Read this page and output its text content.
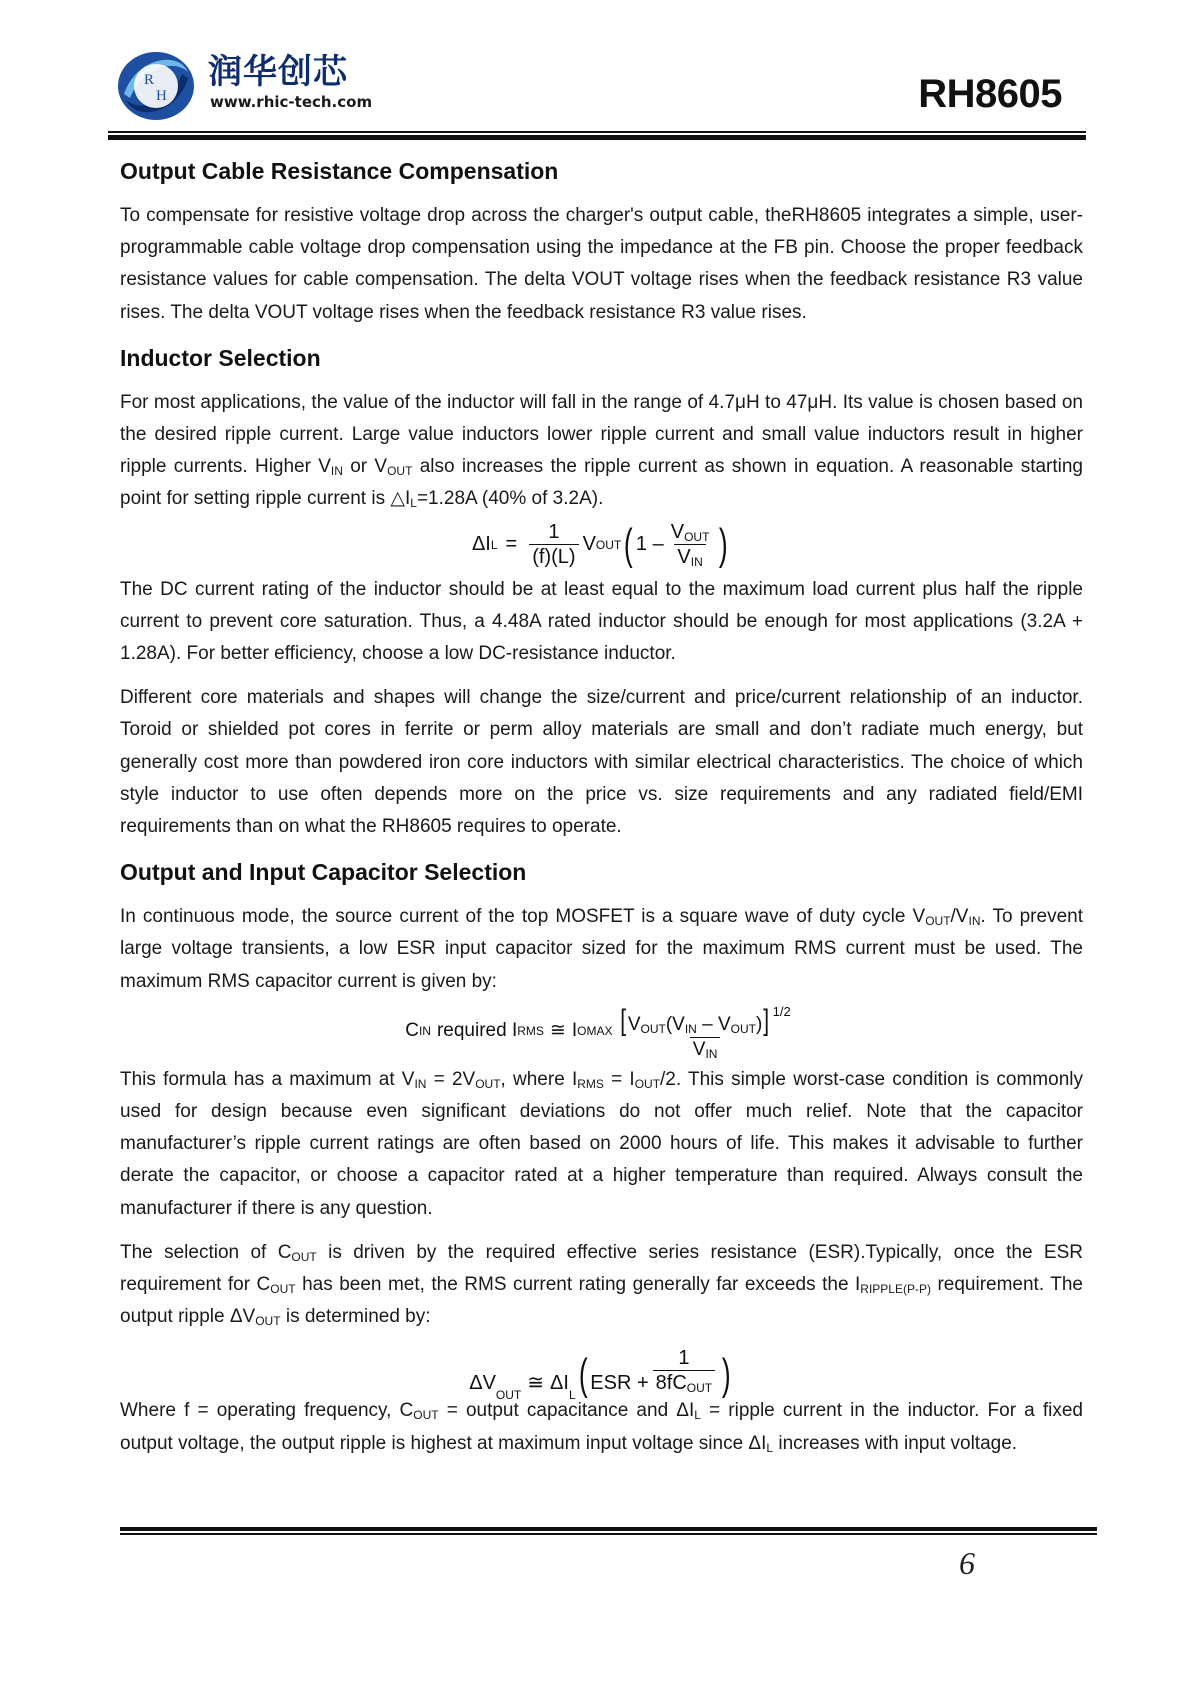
R
H
润华创芯
www.rhic-tech.com	RH8605
Output Cable Resistance Compensation

To compensate for resistive voltage drop across the charger's output cable, theRH8605 integrates a simple, user-programmable cable voltage drop compensation using the impedance at the FB pin. Choose the proper feedback resistance values for cable compensation. The delta VOUT voltage rises when the feedback resistance R3 value rises. The delta VOUT voltage rises when the feedback resistance R3 value rises.

Inductor Selection

For most applications, the value of the inductor will fall in the range of 4.7μH to 47μH. Its value is chosen based on the desired ripple current. Large value inductors lower ripple current and small value inductors result in higher ripple currents. Higher $V_{IN}$ or $V_{OUT}$ also increases the ripple current as shown in equation. A reasonable starting point for setting ripple current is $\triangle I_L=1.28A$ (40% of 3.2A).

ΔI $L = \frac{1}{(f)(L)}$ V OUT ( $1 - \frac{V_{OUT}}{V_{IN}}$ )

The DC current rating of the inductor should be at least equal to the maximum load current plus half the ripple current to prevent core saturation. Thus, a 4.48A rated inductor should be enough for most applications (3.2A + 1.28A). For better efficiency, choose a low DC-resistance inductor.

Different core materials and shapes will change the size/current and price/current relationship of an inductor. Toroid or shielded pot cores in ferrite or perm alloy materials are small and don’t radiate much energy, but generally cost more than powdered iron core inductors with similar electrical characteristics. The choice of which style inductor to use often depends more on the price vs. size requirements and any radiated field/EMI requirements than on what the RH8605 requires to operate.

Output and Input Capacitor Selection

In continuous mode, the source current of the top MOSFET is a square wave of duty cycle $V_{OUT}/V_{IN}$. To prevent large voltage transients, a low ESR input capacitor sized for the maximum RMS current must be used. The maximum RMS capacitor current is given by:

C IN required I RMS ≅ I OMAX $\frac{[V_{OUT}(V_{IN} - V_{OUT})] ^{1/2}}{V_{IN}}$

This formula has a maximum at $V_{IN} = 2V_{OUT}$, where $I_{RMS} = I_{OUT}/2$. This simple worst-case condition is commonly used for design because even significant deviations do not offer much relief. Note that the capacitor manufacturer’s ripple current ratings are often based on 2000 hours of life. This makes it advisable to further derate the capacitor, or choose a capacitor rated at a higher temperature than required. Always consult the manufacturer if there is any question.

The selection of $C_{OUT}$ is driven by the required effective series resistance (ESR).Typically, once the ESR requirement for $C_{OUT}$ has been met, the RMS current rating generally far exceeds the $I_{RIPPLE(P-P)}$ requirement. The output ripple $\Delta V_{OUT}$ is determined by:

ΔV
OUT
≅ ΔI
L ( ESR + $\frac{1}{8fC_{OUT}}$ )

Where f = operating frequency, $C_{OUT}$ = output capacitance and $\Delta I_L$ = ripple current in the inductor. For a fixed output voltage, the output ripple is highest at maximum input voltage since $\Delta I_L$ increases with input voltage.

6
